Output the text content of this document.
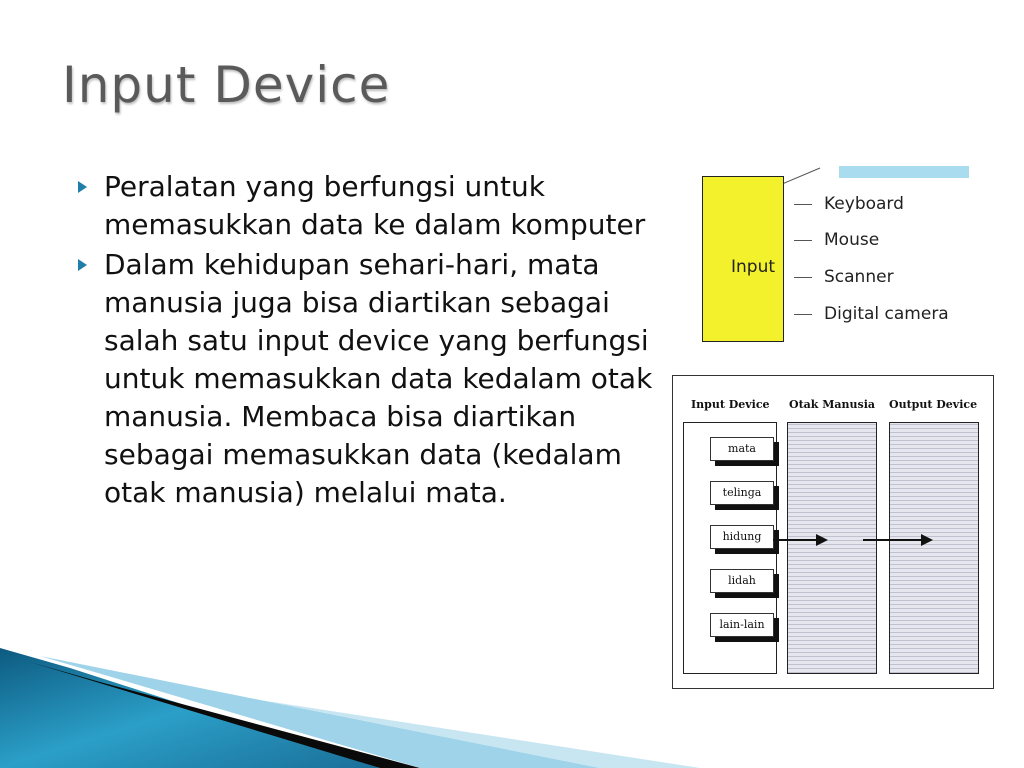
Input Device
Peralatan yang berfungsi untuk memasukkan data ke dalam komputer
Dalam kehidupan sehari-hari, mata manusia juga bisa diartikan sebagai salah satu input device yang berfungsi untuk memasukkan data kedalam otak manusia. Membaca bisa diartikan sebagai memasukkan data (kedalam otak manusia) melalui mata.
Input
Keyboard
Mouse
Scanner
Digital camera
Input Device Otak Manusia Output Device
mata
telinga
hidung
lidah
lain-lain
